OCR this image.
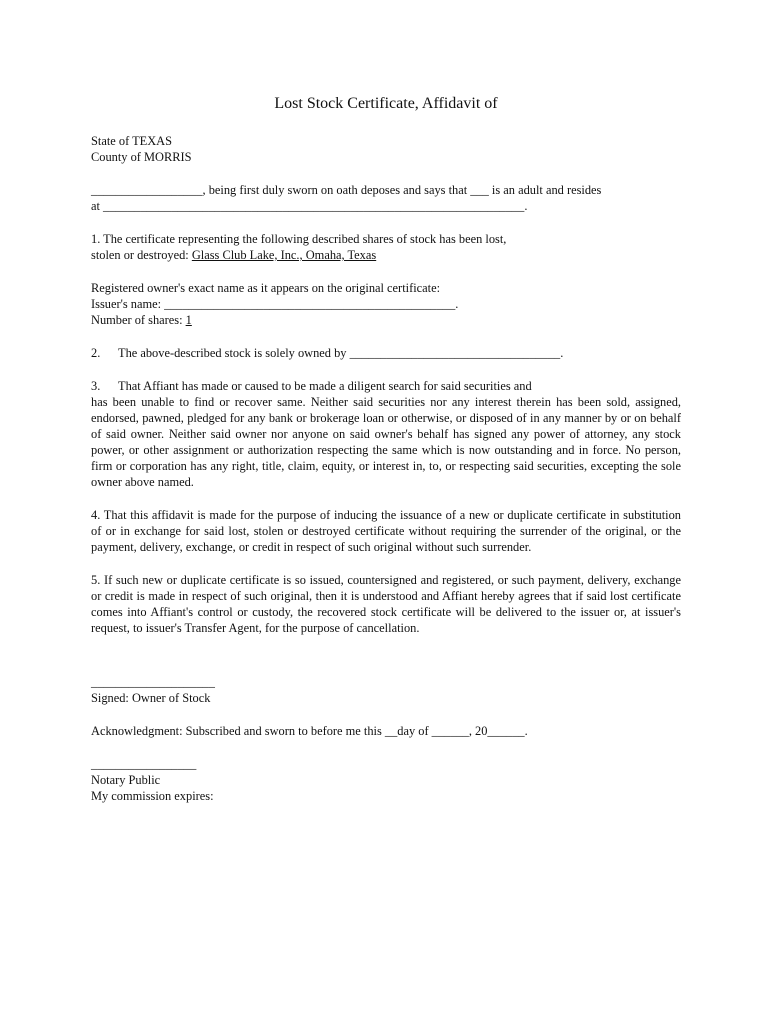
Lost Stock Certificate, Affidavit of
State of TEXAS
County of MORRIS
__________________, being first duly sworn on oath deposes and says that ___ is an adult and resides
at ____________________________________________________________________.
1. The certificate representing the following described shares of stock has been lost,
stolen or destroyed: Glass Club Lake, Inc., Omaha, Texas
Registered owner's exact name as it appears on the original certificate:
Issuer's name: _______________________________________________.
Number of shares: 1
2. The above-described stock is solely owned by __________________________________.
3. That Affiant has made or caused to be made a diligent search for said securities and
has been unable to find or recover same. Neither said securities nor any interest therein has been sold, assigned, endorsed, pawned, pledged for any bank or brokerage loan or otherwise, or disposed of in any manner by or on behalf of said owner. Neither said owner nor anyone on said owner's behalf has signed any power of attorney, any stock power, or other assignment or authorization respecting the same which is now outstanding and in force. No person, firm or corporation has any right, title, claim, equity, or interest in, to, or respecting said securities, excepting the sole owner above named.
4. That this affidavit is made for the purpose of inducing the issuance of a new or duplicate certificate in substitution of or in exchange for said lost, stolen or destroyed certificate without requiring the surrender of the original, or the payment, delivery, exchange, or credit in respect of such original without such surrender.
5. If such new or duplicate certificate is so issued, countersigned and registered, or such payment, delivery, exchange or credit is made in respect of such original, then it is understood and Affiant hereby agrees that if said lost certificate comes into Affiant's control or custody, the recovered stock certificate will be delivered to the issuer or, at issuer's request, to issuer's Transfer Agent, for the purpose of cancellation.
____________________
Signed: Owner of Stock
Acknowledgment: Subscribed and sworn to before me this __day of ______, 20______.
_________________
Notary Public
My commission expires:
